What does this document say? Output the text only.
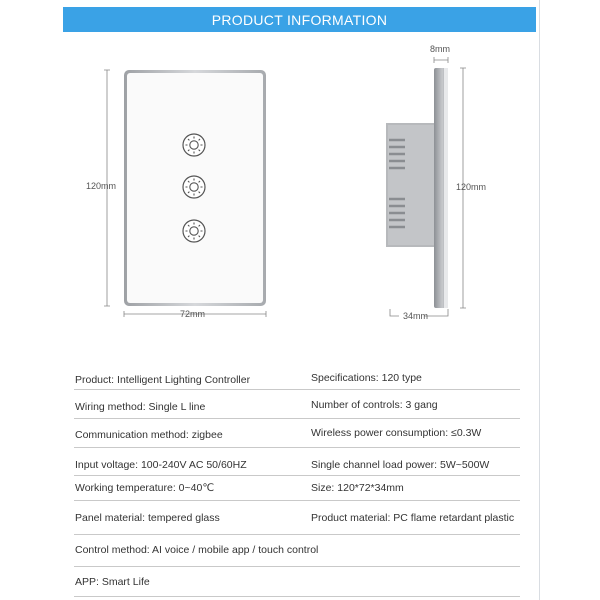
PRODUCT INFORMATION
120mm
72mm
8mm
120mm
34mm
Product: Intelligent Lighting Controller	Specifications: 120 type
Wiring method: Single L line	Number of controls: 3 gang
Communication method: zigbee	Wireless power consumption: ≤0.3W
Input voltage: 100-240V AC 50/60HZ	Single channel load power: 5W~500W
Working temperature: 0~40℃	Size: 120*72*34mm
Panel material: tempered glass	Product material: PC flame retardant plastic
Control method: AI voice / mobile app / touch control
APP: Smart Life
